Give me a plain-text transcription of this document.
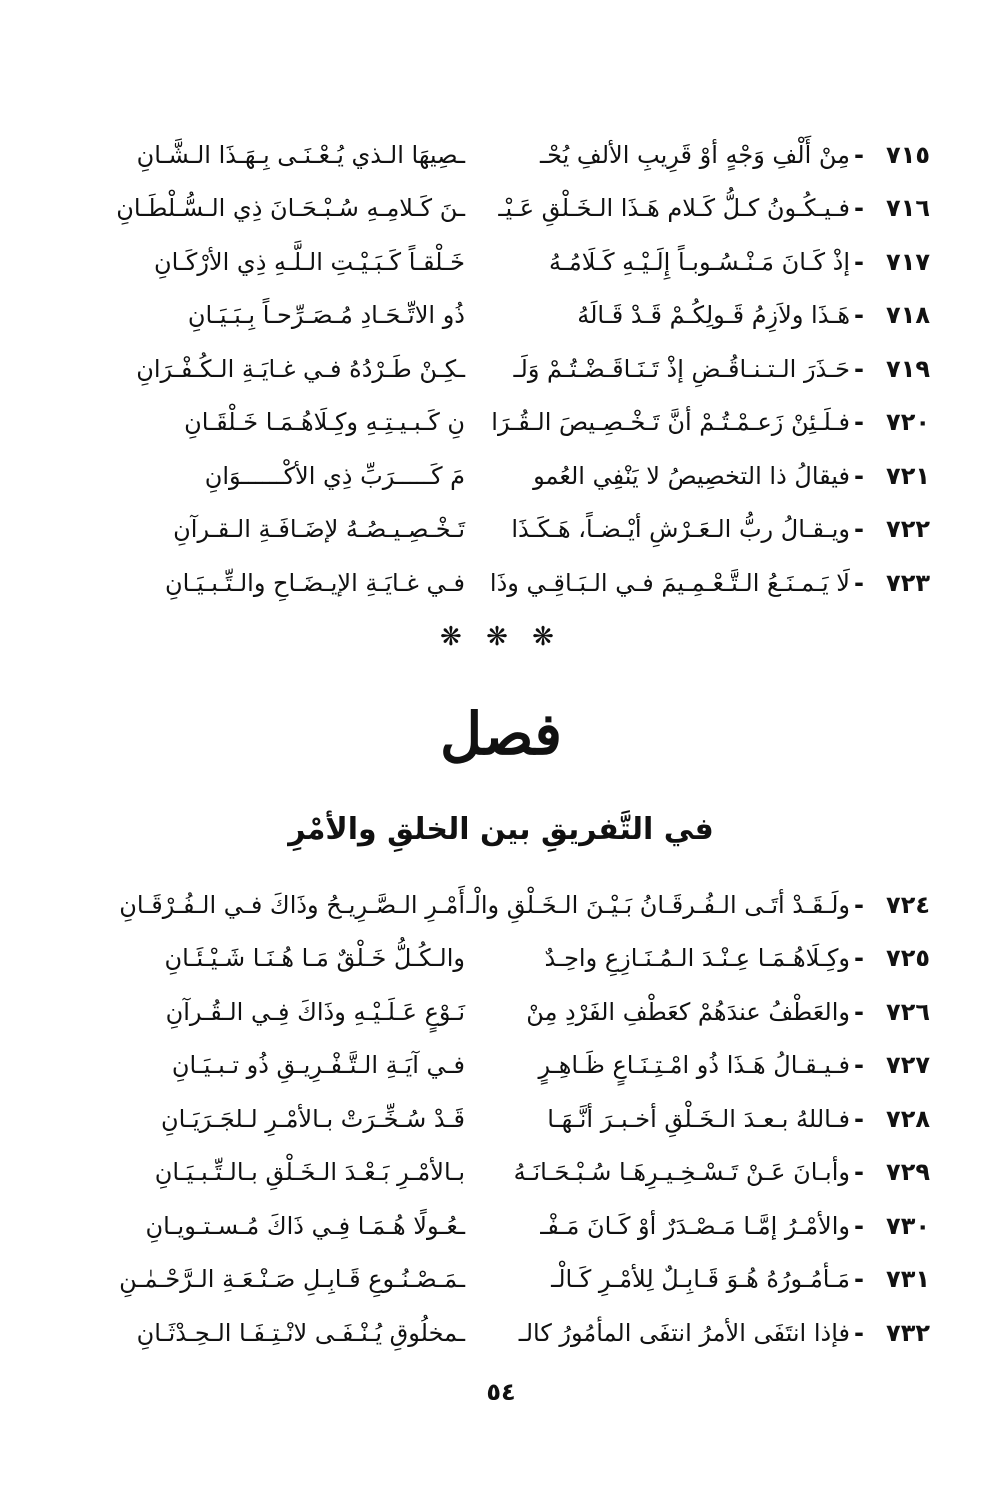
٧١٥
-
مِنْ أَلْفِ وَجْهٍ أوْ قَرِيبِ الألفِ يُحْـ
ـصِيهَا الـذي يُـعْـنَـى بِـهَـذَا الـشَّـانِ
٧١٦
-
فـيـكُـونُ كـلُّ كَـلام هَـذَا الـخَـلْقِ عَـيْـ
ـنَ كَـلامِـهِ سُـبْـحَـانَ ذِي الـسُّـلْطَـانِ
٧١٧
-
إذْ كَـانَ مَـنْـسُـوبـاً إِلَـيْـهِ كَـلَامُـهُ
خَـلْقـاً كَـبَـيْـتِ الـلَّـهِ ذِي الأرْكَـانِ
٧١٨
-
هَـذَا ولاَزِمُ قَـولِكُـمْ قَـدْ قَـالَهُ
ذُو الاتِّـحَـادِ مُـصَـرِّحـاً بِـبَـيَـانِ
٧١٩
-
حَـذَرَ الـتـنـاقُـضِ إذْ تَـنَـاقَـضْـتُـمْ وَلَـ
ـكِـنْ طَـرْدُهُ فـي غـايَـةِ الـكُـفْـرَانِ
٧٢٠
-
فـلَـئِنْ زَعـمْـتُـمْ أنَّ تَـخْـصِـيصَ الـقُـرَا
نِ كَـبـيـتِـهِ وكِـلَاهُـمَـا خَـلْقَـانِ
٧٢١
-
فيقالُ ذا التخصِيصُ لا يَنْفِي العُمو
مَ كَـــــرَبِّ ذِي الأكْــــــوَانِ
٧٢٢
-
ويـقـالُ ربُّ الـعَـرْشِ أيْـضـاً، هَـكَـذَا
تَـخْـصِـيـصُـهُ لإضَـافَـةِ الـقـرآنِ
٧٢٣
-
لَا يَـمـنَـعُ الـتَّـعْـمِـيمَ فـي الـبَـاقِـي وذَا
فـي غـايَـةِ الإيـضَـاحِ والـتِّـبـيَـانِ
❋ ❋ ❋
فصل
في التَّفريقِ بين الخلقِ والأمْرِ
٧٢٤
-
ولَـقَـدْ أتَـى الـفُـرقَـانُ بَـيْـنَ الـخَـلْقِ والْـ
أَمْـرِ الـصَّـرِيـحُ وذَاكَ فـي الـفُـرْقَـانِ
٧٢٥
-
وكِـلَاهُـمَـا عِـنْـدَ الـمُـنَـازِعِ واحِـدٌ
والـكُـلُّ خَـلْقٌ مَـا هُـنَـا شَـيْـئَـانِ
٧٢٦
-
والعَطْفُ عندَهُمْ كعَطْفِ الفَرْدِ مِنْ
نَـوْعٍ عَـلَـيْـهِ وذَاكَ فِـي الـقُـرآنِ
٧٢٧
-
فـيـقـالُ هَـذَا ذُو امْـتِـنَـاعٍ ظَـاهِـرٍ
فـي آيَـةِ الـتَّـفْـرِيـقِ ذُو تـبـيَـانِ
٧٢٨
-
فـاللهُ بـعـدَ الـخَـلْقِ أخـبـرَ أنَّـهَـا
قَـدْ سُـخِّـرَتْ بـالأمْـرِ لـلجَـرَيَـانِ
٧٢٩
-
وأبـانَ عَـنْ تَـسْـخِـيـرِهَـا سُـبْـحَـانَـهُ
بـالأمْـرِ بَـعْـدَ الـخَـلْقِ بـالـتِّـبـيَـانِ
٧٣٠
-
والأمْـرُ إمَّـا مَـصْـدَرٌ أوْ كَـانَ مَـفْـ
ـعُـولًا هُـمَـا فِـي ذَاكَ مُـسـتـويـانِ
٧٣١
-
مَـأمُـورُهُ هُـوَ قَـابِـلٌ لِلأمْـرِ كَـالْـ
ـمَـصْـنُـوعِ قَـابِـلِ صَـنْـعَـةِ الـرَّحْـمٰـنِ
٧٣٢
-
فإذا انتَفَى الأمرُ انتفَى المأمُورُ كالـ
ـمخلُوقِ يُـنْـفَـى لانْـتِـفَـا الـحِـدْثَـانِ
٥٤
